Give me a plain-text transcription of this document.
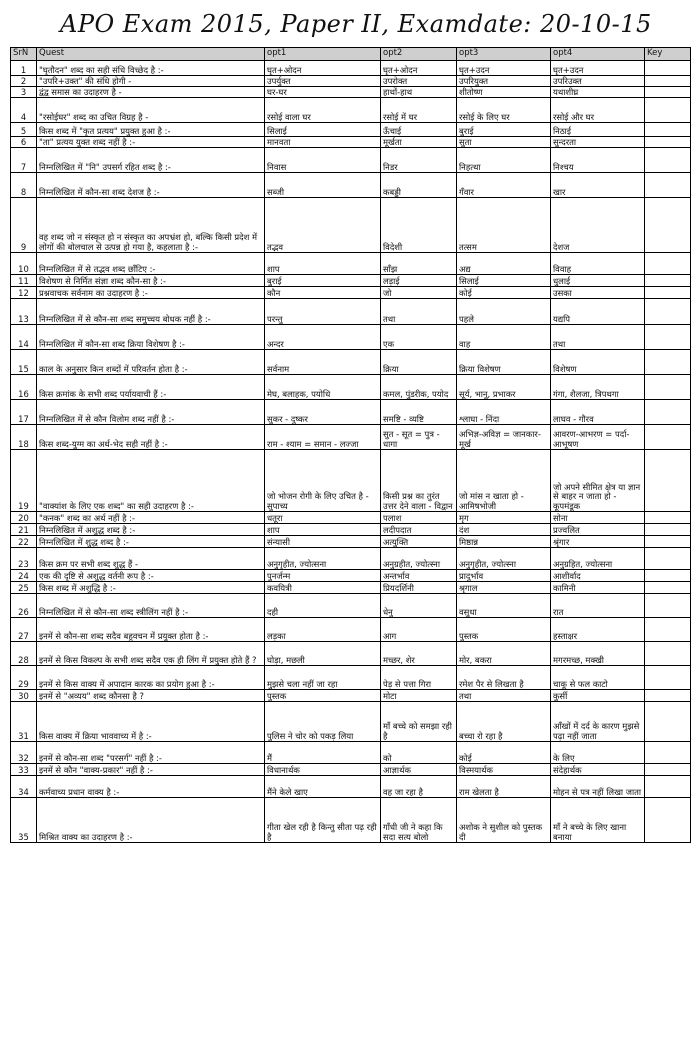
APO Exam 2015, Paper II, Examdate: 20-10-15
SrN	Quest	opt1	opt2	opt3	opt4	Key
1	"घृतौदन" शब्द का सही संधि विच्छेद है :-	घृत+ओदन	घृत+ओदन	घृत+उदन	घृत+उदन	
2	"उपरि+उक्त" की संधि होगी -	उपर्युक्त	उपरोक्त	उपरियुक्त	उपरिउक्त	
3	द्वंद्व समास का उदाहरण है -	घर-घर	हाथों-हाथ	शीतोष्ण	यथाशीघ्र	
4	"रसोईघर" शब्द का उचित विग्रह है -	रसोई वाला घर	रसोई में घर	रसोई के लिए घर	रसोई और घर	
5	किस शब्द में "कृत प्रत्यय" प्रयुक्त हुआ है :-	सिलाई	ऊँचाई	बुराई	निठाई	
6	"ता" प्रत्यय युक्त शब्द नहीं है :-	मानवता	मूर्खता	सुता	सुन्दरता	
7	निम्नलिखित में "नि" उपसर्ग रहित शब्द है :-	निवास	निडर	निहत्था	निश्चय	
8	निम्नलिखित में कौन-सा शब्द देशज है :-	सब्जी	कबड्डी	गँवार	खार	
9	वह शब्द जो न संस्कृत हो न संस्कृत का अपभ्रंश हो, बल्कि किसी प्रदेश में लोगों की बोलचाल से उत्पन्न हो गया है, कहलाता है :-	तद्भव	विदेशी	तत्सम	देशज	
10	निम्नलिखित में से तद्भव शब्द छाँटिए :-	शाप	साँझ	अद्य	विवाह	
11	विशेषण से निर्मित संज्ञा शब्द कौन-सा है :-	बुराई	लड़ाई	सिलाई	धुलाई	
12	प्रश्नवाचक सर्वनाम का उदाहरण है :-	कौन	जो	कोई	उसका	
13	निम्नलिखित में से कौन-सा शब्द समुच्चय बोधक नहीं है :-	परन्तु	तथा	पहले	यद्यपि	
14	निम्नलिखित में कौन-सा शब्द क्रिया विशेषण है :-	अन्दर	एक	वाह	तथा	
15	काल के अनुसार किन शब्दों में परिवर्तन होता है :-	सर्वनाम	क्रिया	क्रिया विशेषण	विशेषण	
16	किस क्रमांक के सभी शब्द पर्यायवाची हैं :-	मेघ, बलाहक, पयोधि	कमल, पुंडरीक, पयोद	सूर्य, भानु, प्रभाकर	गंगा, शैलजा, त्रिपथगा	
17	निम्नलिखित में से कौन विलोम शब्द नहीं है :-	सुकर - दुष्कर	समष्टि - व्यष्टि	श्लाघा - निंदा	लाघव - गौरव	
18	किस शब्द-युग्म का अर्थ-भेद सही नहीं है :-	राम - श्याम = समान - लज्जा	सुत - सूत = पुत्र - धागा	अभिज्ञ-अविज्ञ = जानकार-मूर्ख	आवरण-आभरण = पर्दा-आभूषण	
19	"वाक्यांश के लिए एक शब्द" का सही उदाहरण है :-	जो भोजन रोगी के लिए उचित है - सुपाच्य	किसी प्रश्न का तुरंत उत्तर देने वाला - विद्वान	जो मांस न खाता हो - आमिषभोजी	जो अपने सीमित क्षेत्र या ज्ञान से बाहर न जाता हो - कूपमंडूक	
20	"कनक" शब्द का अर्थ नहीं है :-	धतूरा	पलाश	मृग	सोना	
21	निम्नलिखित में अशुद्ध शब्द है :-	शाप	लदीपदात	दंश	प्रज्वलित	
22	निम्नलिखित में शुद्ध शब्द है :-	संन्यासी	अत्युक्ति	मिष्ठान्न	श्रृंगार	
23	किस क्रम पर सभी शब्द शुद्ध हैं -	अनुगृहीत, ज्योत्सना	अनुग्रहीत, ज्योत्स्ना	अनुगृहीत, ज्योत्स्ना	अनुग्रहित, ज्योत्सना	
24	एक की दृष्टि से अशुद्ध वर्तनी रूप है :-	पुनर्जन्म	अन्तर्भाव	प्रादुर्भाव	आशीर्वाद	
25	किस शब्द में अशुद्धि है :-	कवयित्री	प्रियदर्शिनी	श्रृगाल	कामिनी	
26	निम्नलिखित में से कौन-सा शब्द स्त्रीलिंग नहीं है :-	दही	धेनु	वसुधा	रात	
27	इनमें से कौन-सा शब्द सदैव बहुवचन में प्रयुक्त होता है :-	लड़का	आग	पुस्तक	हस्ताक्षर	
28	इनमें से किस विकल्प के सभी शब्द सदैव एक ही लिंग में प्रयुक्त होते हैं ?	घोड़ा, मछली	मच्छर, शेर	मोर, बकरा	मगरमच्छ, मक्खी	
29	इनमें से किस वाक्य में अपादान कारक का प्रयोग हुआ है :-	मुझसे चला नहीं जा रहा	पेड़ से पत्ता गिरा	रमेश पैर से लिखता है	चाकू से फल काटो	
30	इनमें से "अव्यय" शब्द कौनसा है ?	पुस्तक	मोटा	तथा	कुर्सी	
31	किस वाक्य में क्रिया भाववाच्य में है :-	पुलिस ने चोर को पकड़ लिया	माँ बच्चे को समझा रही है	बच्चा रो रहा है	आँखों में दर्द के कारण मुझसे पढ़ा नहीं जाता	
32	इनमें से कौन-सा शब्द "परसर्ग" नहीं है :-	मैं	को	कोई	के लिए	
33	इनमें से कौन "वाक्य-प्रकार" नहीं है :-	विधानार्थक	आज्ञार्थक	विस्मयार्थक	संदेहार्थक	
34	कर्मवाच्य प्रधान वाक्य है :-	मैंने केले खाए	वह जा रहा है	राम खेलता है	मोहन से पत्र नहीं लिखा जाता	
35	मिश्रित वाक्य का उदाहरण है :-	गीता खेल रही है किन्तु सीता पढ़ रही है	गाँधी जी ने कहा कि सदा सत्य बोलो	अशोक ने सुशील को पुस्तक दी	माँ ने बच्चे के लिए खाना बनाया	
